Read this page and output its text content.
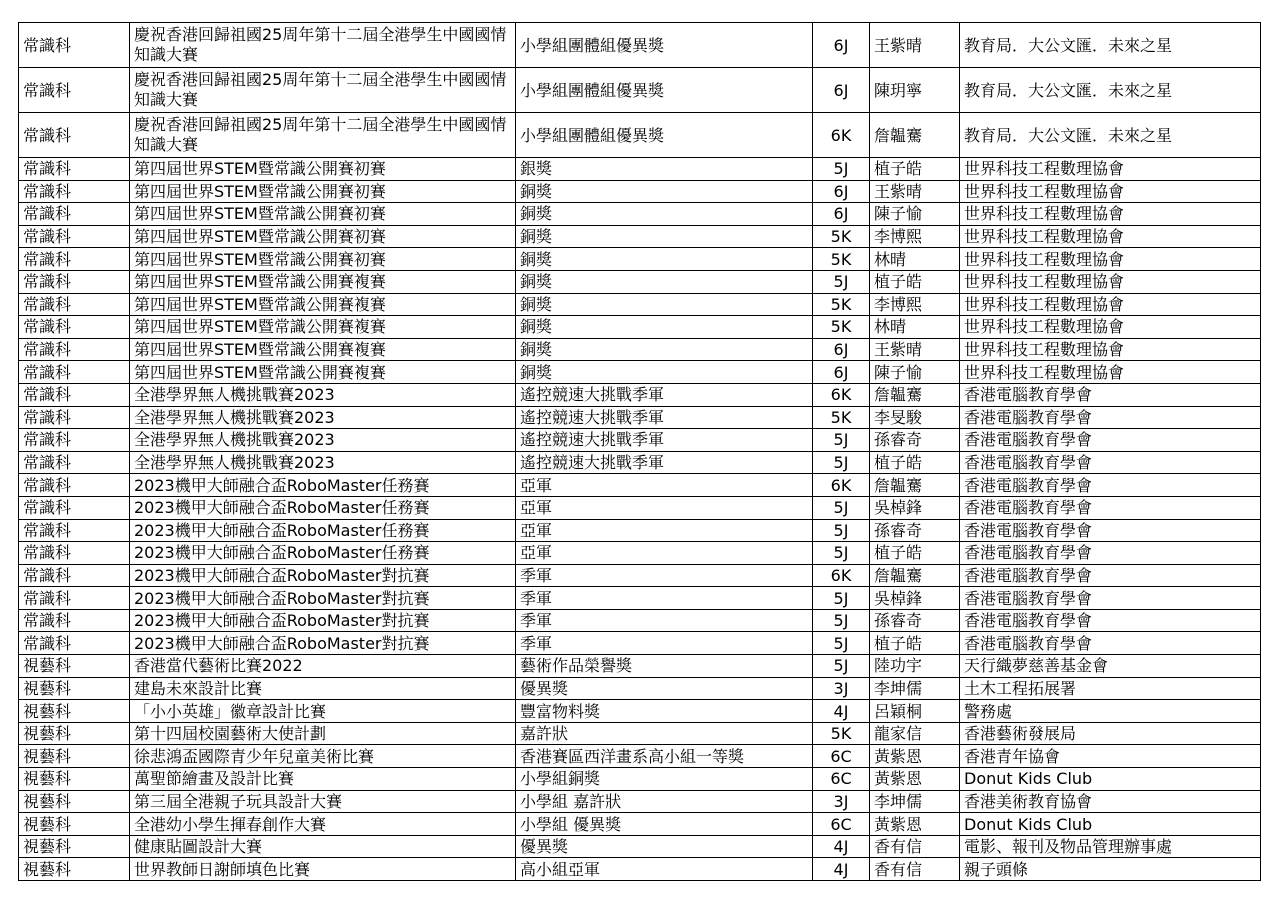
常識科	慶祝香港回歸祖國25周年第十二屆全港學生中國國情知識大賽	小學組團體組優異獎	6J	王紫晴	教育局．大公文匯．未來之星
常識科	慶祝香港回歸祖國25周年第十二屆全港學生中國國情知識大賽	小學組團體組優異獎	6J	陳玥寧	教育局．大公文匯．未來之星
常識科	慶祝香港回歸祖國25周年第十二屆全港學生中國國情知識大賽	小學組團體組優異獎	6K	詹韞騫	教育局．大公文匯．未來之星
常識科	第四屆世界STEM暨常識公開賽初賽	銀獎	5J	植子皓	世界科技工程數理協會
常識科	第四屆世界STEM暨常識公開賽初賽	銅獎	6J	王紫晴	世界科技工程數理協會
常識科	第四屆世界STEM暨常識公開賽初賽	銅獎	6J	陳子愉	世界科技工程數理協會
常識科	第四屆世界STEM暨常識公開賽初賽	銅獎	5K	李博熙	世界科技工程數理協會
常識科	第四屆世界STEM暨常識公開賽初賽	銅獎	5K	林晴	世界科技工程數理協會
常識科	第四屆世界STEM暨常識公開賽複賽	銅獎	5J	植子皓	世界科技工程數理協會
常識科	第四屆世界STEM暨常識公開賽複賽	銅獎	5K	李博熙	世界科技工程數理協會
常識科	第四屆世界STEM暨常識公開賽複賽	銅獎	5K	林晴	世界科技工程數理協會
常識科	第四屆世界STEM暨常識公開賽複賽	銅獎	6J	王紫晴	世界科技工程數理協會
常識科	第四屆世界STEM暨常識公開賽複賽	銅獎	6J	陳子愉	世界科技工程數理協會
常識科	全港學界無人機挑戰賽2023	遙控競速大挑戰季軍	6K	詹韞騫	香港電腦教育學會
常識科	全港學界無人機挑戰賽2023	遙控競速大挑戰季軍	5K	李旻駿	香港電腦教育學會
常識科	全港學界無人機挑戰賽2023	遙控競速大挑戰季軍	5J	孫睿奇	香港電腦教育學會
常識科	全港學界無人機挑戰賽2023	遙控競速大挑戰季軍	5J	植子皓	香港電腦教育學會
常識科	2023機甲大師融合盃RoboMaster任務賽	亞軍	6K	詹韞騫	香港電腦教育學會
常識科	2023機甲大師融合盃RoboMaster任務賽	亞軍	5J	吳棹鋒	香港電腦教育學會
常識科	2023機甲大師融合盃RoboMaster任務賽	亞軍	5J	孫睿奇	香港電腦教育學會
常識科	2023機甲大師融合盃RoboMaster任務賽	亞軍	5J	植子皓	香港電腦教育學會
常識科	2023機甲大師融合盃RoboMaster對抗賽	季軍	6K	詹韞騫	香港電腦教育學會
常識科	2023機甲大師融合盃RoboMaster對抗賽	季軍	5J	吳棹鋒	香港電腦教育學會
常識科	2023機甲大師融合盃RoboMaster對抗賽	季軍	5J	孫睿奇	香港電腦教育學會
常識科	2023機甲大師融合盃RoboMaster對抗賽	季軍	5J	植子皓	香港電腦教育學會
視藝科	香港當代藝術比賽2022	藝術作品榮譽獎	5J	陸功宇	天行織夢慈善基金會
視藝科	建島未來設計比賽	優異獎	3J	李坤儒	土木工程拓展署
視藝科	「小小英雄」徽章設計比賽	豐富物料獎	4J	呂穎桐	警務處
視藝科	第十四屆校園藝術大使計劃	嘉許狀	5K	龍家信	香港藝術發展局
視藝科	徐悲鴻盃國際青少年兒童美術比賽	香港賽區西洋畫系高小組一等獎	6C	黃紫恩	香港青年協會
視藝科	萬聖節繪畫及設計比賽	小學組銅獎	6C	黃紫恩	Donut Kids Club
視藝科	第三屆全港親子玩具設計大賽	小學組 嘉許狀	3J	李坤儒	香港美術教育協會
視藝科	全港幼小學生揮春創作大賽	小學組 優異獎	6C	黃紫恩	Donut Kids Club
視藝科	健康貼圖設計大賽	優異獎	4J	香有信	電影、報刊及物品管理辦事處
視藝科	世界教師日謝師填色比賽	高小組亞軍	4J	香有信	親子頭條
